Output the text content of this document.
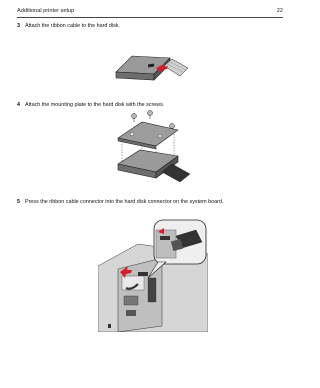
Additional printer setup	22
3 Attach the ribbon cable to the hard disk.
4 Attach the mounting plate to the hard disk with the screws.
5 Press the ribbon cable connector into the hard disk connector on the system board.
